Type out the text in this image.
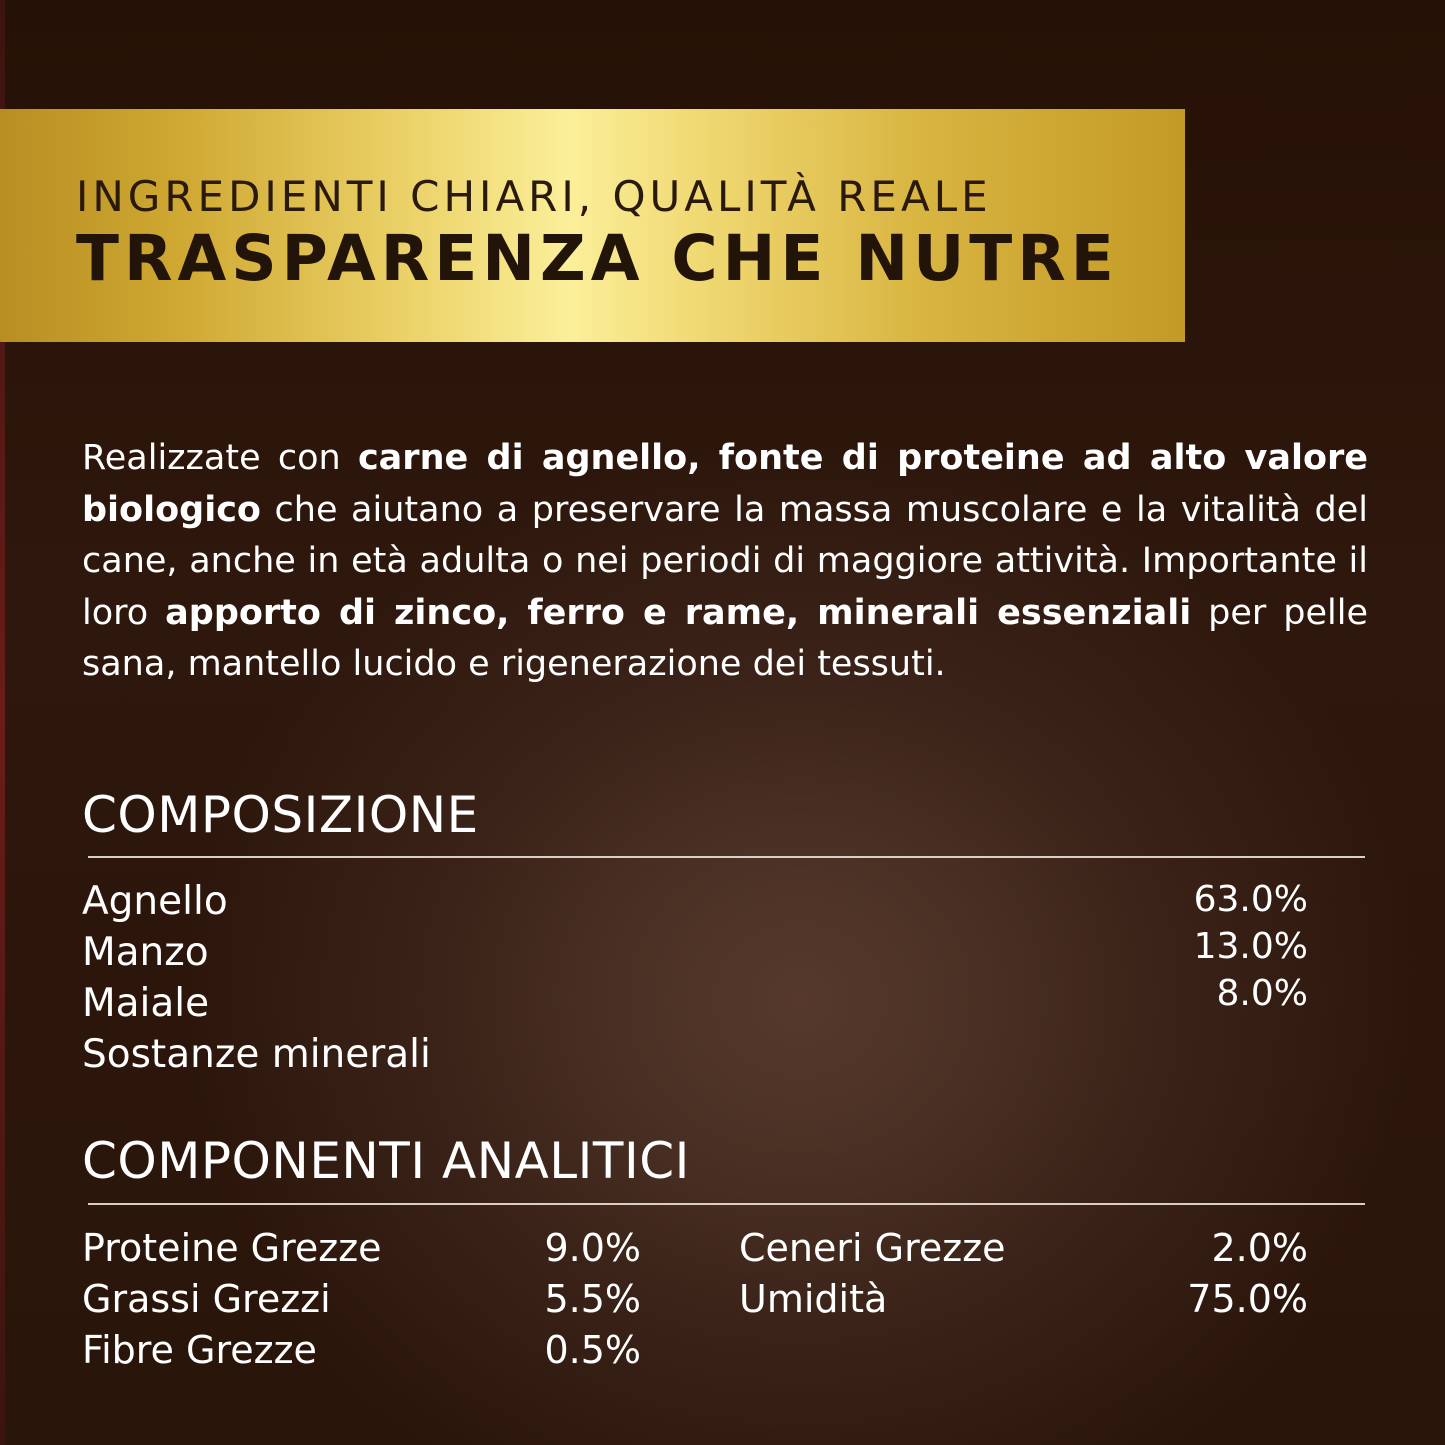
INGREDIENTI CHIARI, QUALITÀ REALE
TRASPARENZA CHE NUTRE
Realizzate con carne di agnello, fonte di proteine ad alto valore biologico che aiutano a preservare la massa muscolare e la vitalità del cane, anche in età adulta o nei periodi di maggiore attività. Importante il loro apporto di zinco, ferro e rame, minerali essenziali per pelle sana, mantello lucido e rigenerazione dei tessuti.
COMPOSIZIONE
Agnello	63.0%
Manzo	13.0%
Maiale	8.0%
Sostanze minerali
COMPONENTI ANALITICI
Proteine Grezze	9.0%
Grassi Grezzi	5.5%
Fibre Grezze	0.5%
Ceneri Grezze	2.0%
Umidità	75.0%
